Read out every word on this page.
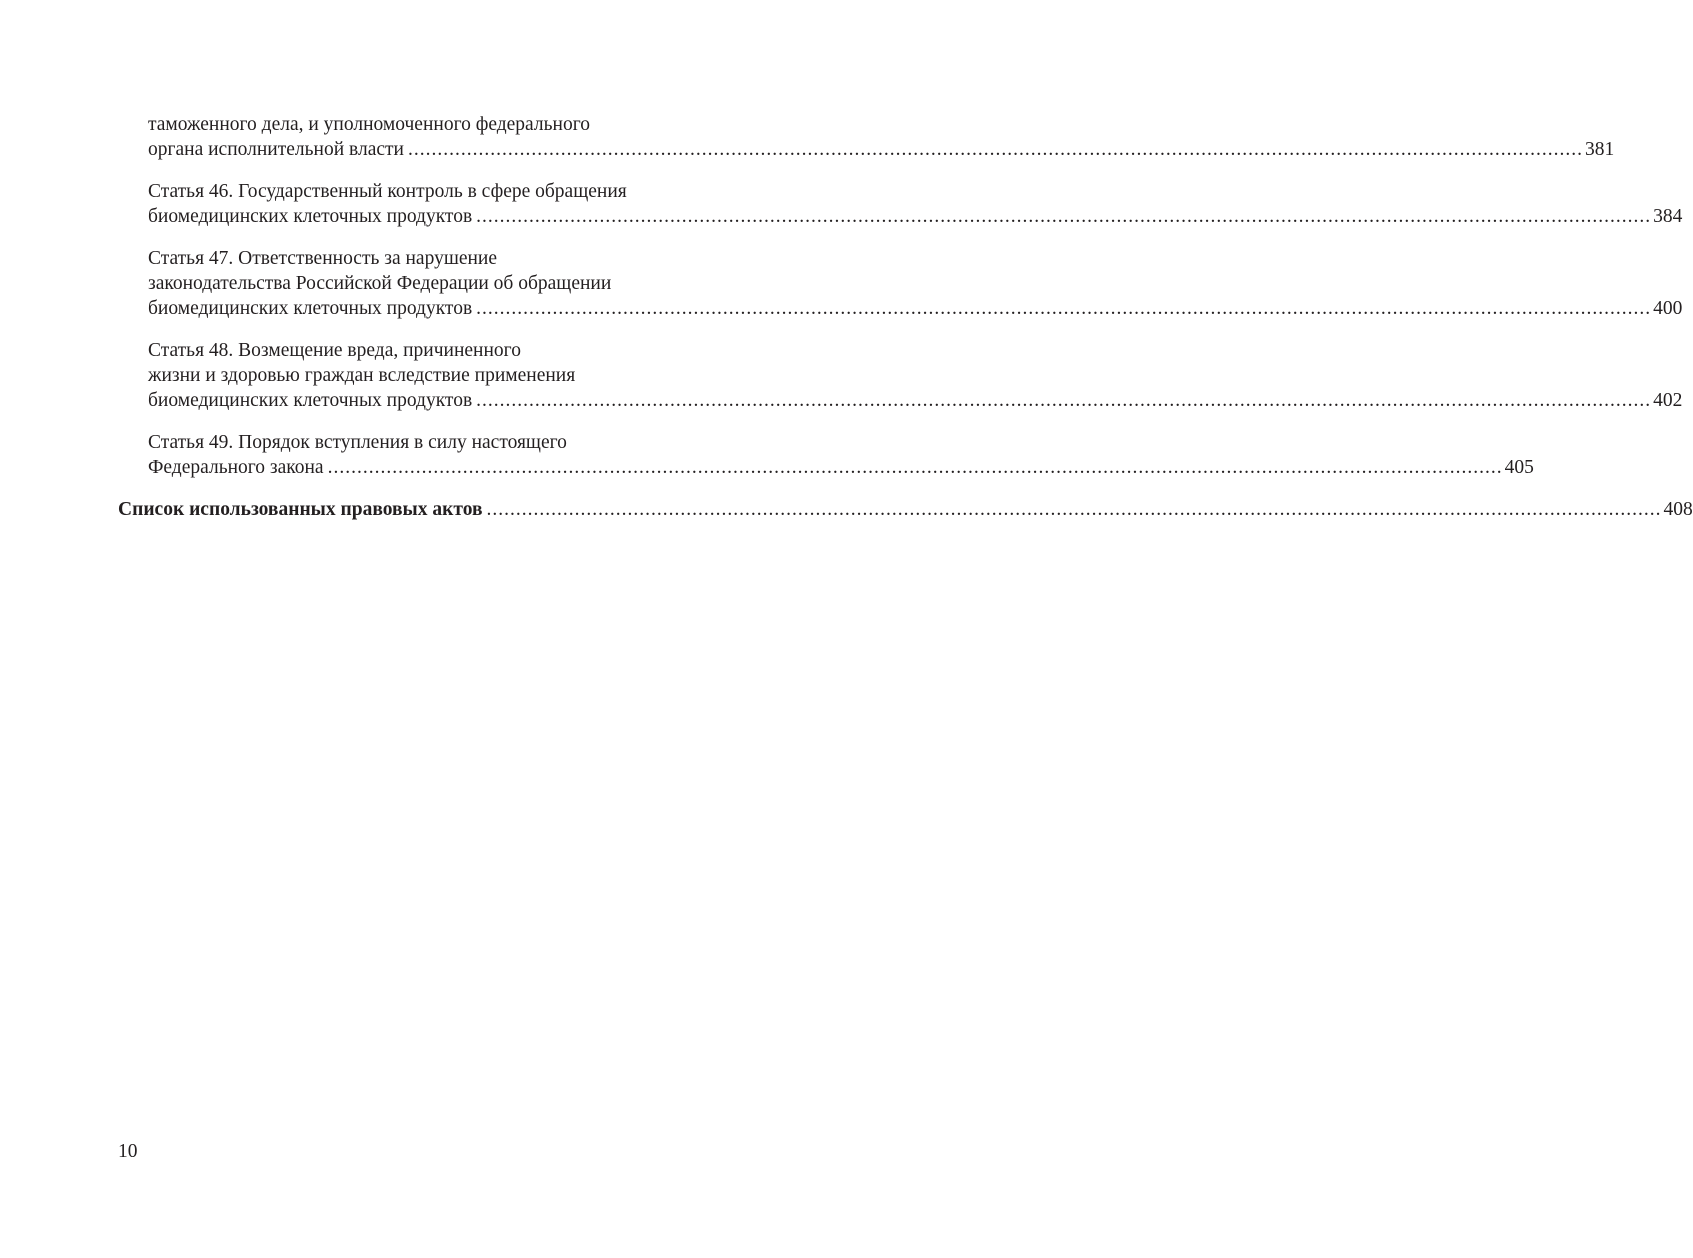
таможенного дела, и уполномоченного федерального
органа исполнительной власти ........................................................................................................................................................................................................ 381
Статья 46. Государственный контроль в сфере обращения
биомедицинских клеточных продуктов ........................................................................................................................................................................................................ 384
Статья 47. Ответственность за нарушение
законодательства Российской Федерации об обращении
биомедицинских клеточных продуктов ........................................................................................................................................................................................................ 400
Статья 48. Возмещение вреда, причиненного
жизни и здоровью граждан вследствие применения
биомедицинских клеточных продуктов ........................................................................................................................................................................................................ 402
Статья 49. Порядок вступления в силу настоящего
Федерального закона ........................................................................................................................................................................................................ 405
Список использованных правовых актов ........................................................................................................................................................................................................ 408
10
